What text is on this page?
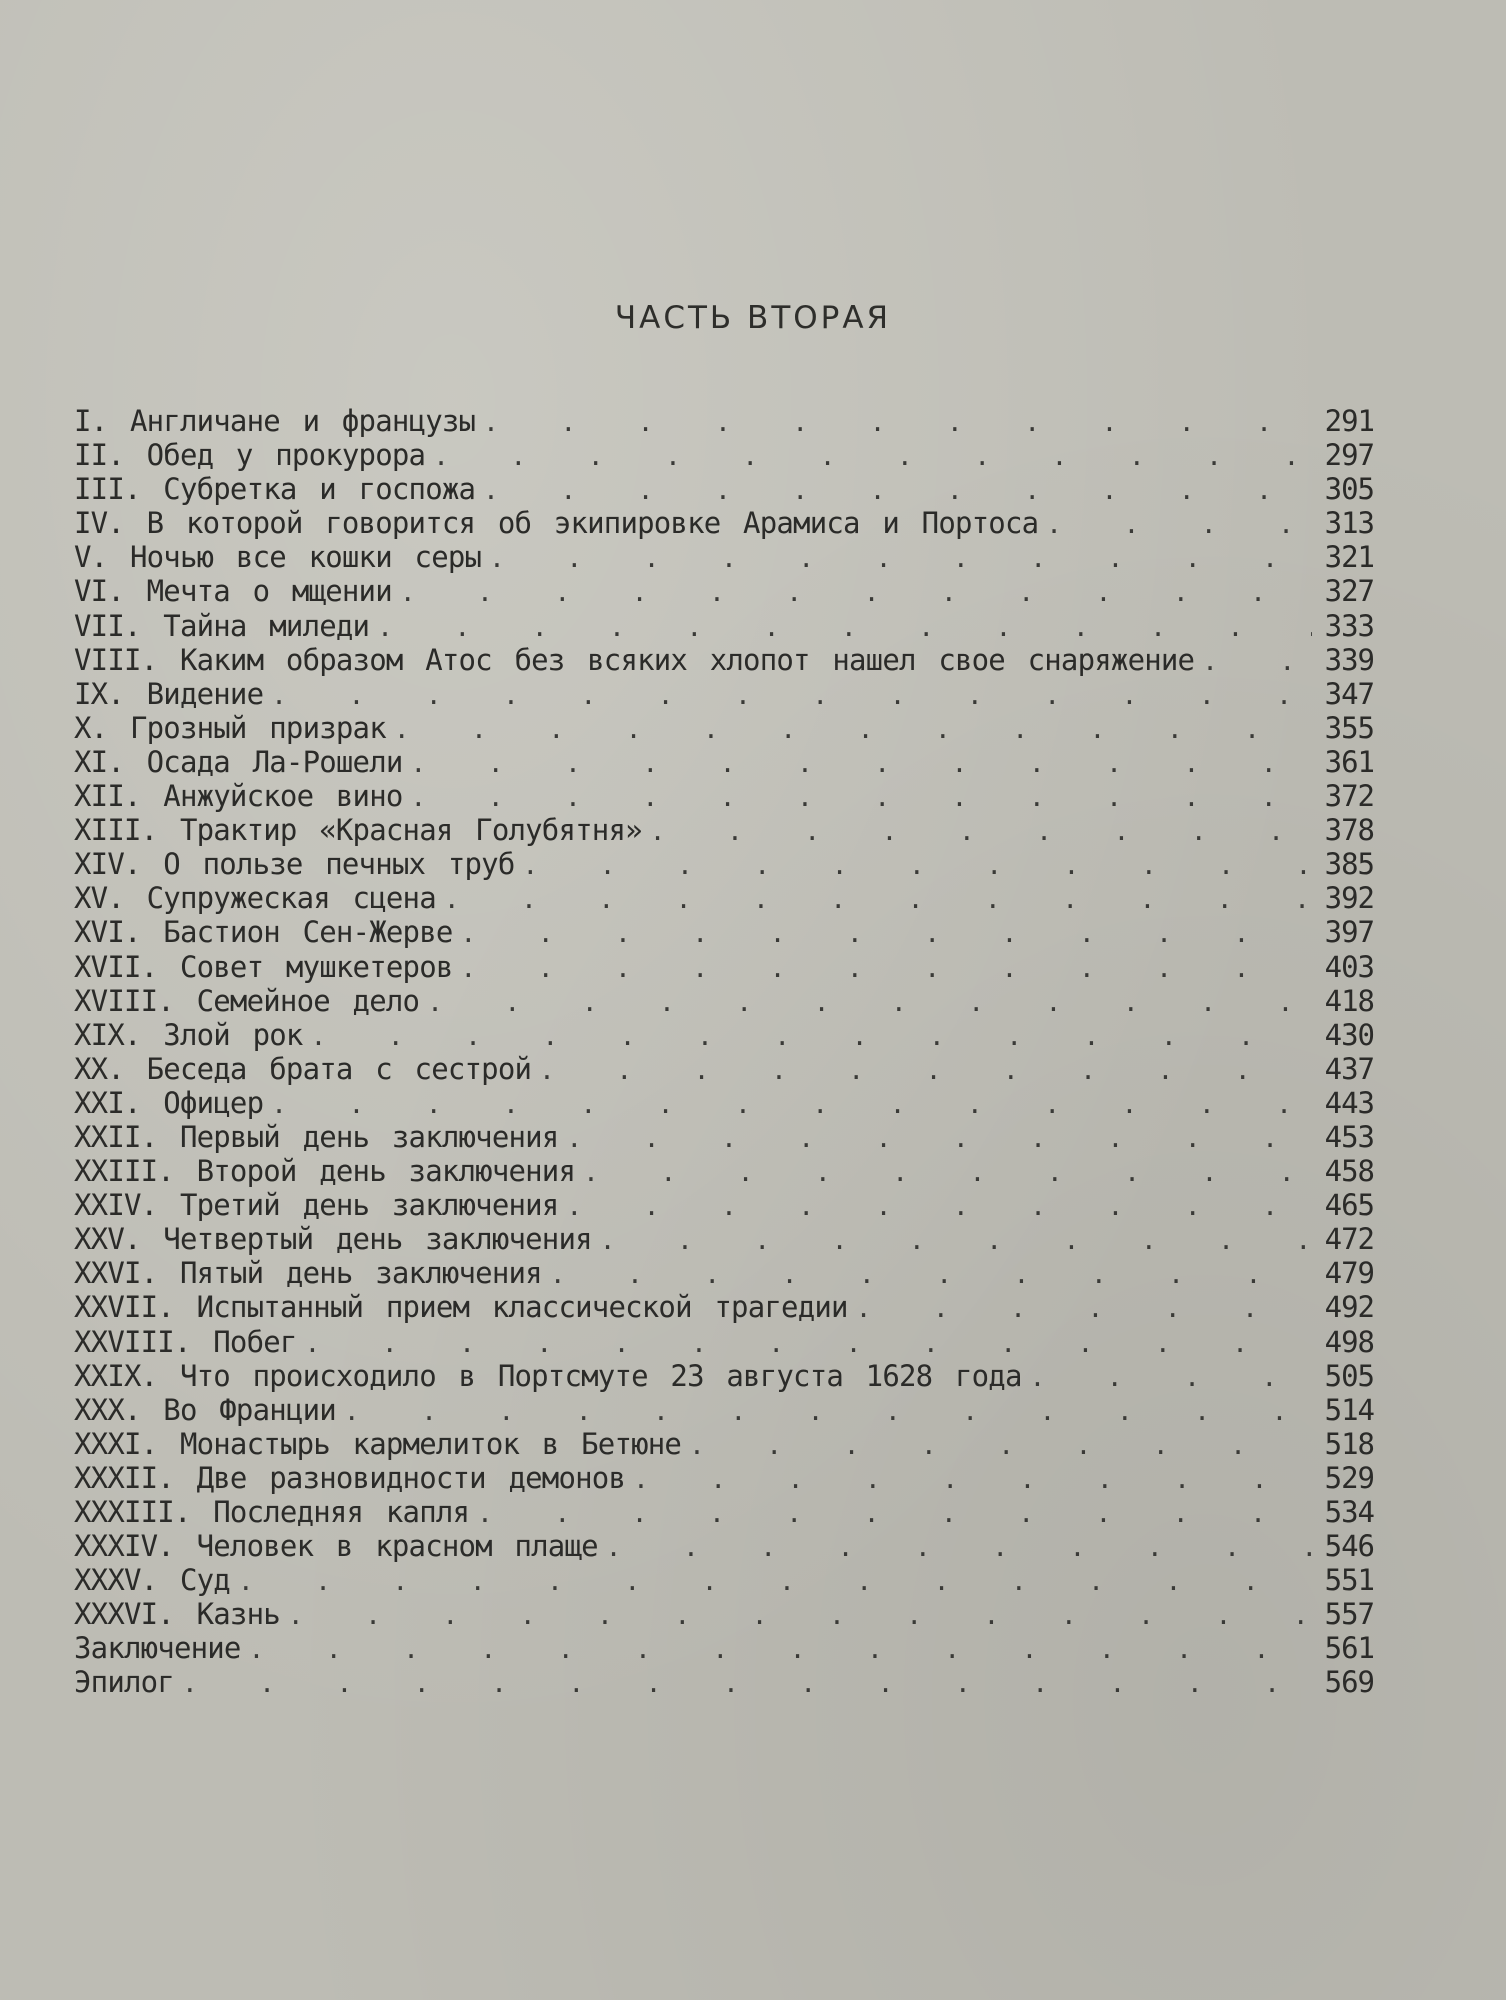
ЧАСТЬ ВТОРАЯ
I. Англичане и французы . . .	291
II. Обед у прокурора . . .	297
III. Субретка и госпожа . . .	305
IV. В которой говорится об экипировке Арамиса и Портоса . . .	313
V. Ночью все кошки серы . . .	321
VI. Мечта о мщении . . .	327
VII. Тайна миледи . . .	333
VIII. Каким образом Атос без всяких хлопот нашел свое снаряжение . . .	339
IX. Видение . . .	347
X. Грозный призрак . . .	355
XI. Осада Ла-Рошели . . .	361
XII. Анжуйское вино . . .	372
XIII. Трактир «Красная Голубятня» . . .	378
XIV. О пользе печных труб . . .	385
XV. Супружеская сцена . . .	392
XVI. Бастион Сен-Жерве . . .	397
XVII. Совет мушкетеров . . .	403
XVIII. Семейное дело . . .	418
XIX. Злой рок . . .	430
XX. Беседа брата с сестрой . . .	437
XXI. Офицер . . .	443
XXII. Первый день заключения . . .	453
XXIII. Второй день заключения . . .	458
XXIV. Третий день заключения . . .	465
XXV. Четвертый день заключения . . .	472
XXVI. Пятый день заключения . . .	479
XXVII. Испытанный прием классической трагедии . . .	492
XXVIII. Побег . . .	498
XXIX. Что происходило в Портсмуте 23 августа 1628 года . . .	505
XXX. Во Франции . . .	514
XXXI. Монастырь кармелиток в Бетюне . . .	518
XXXII. Две разновидности демонов . . .	529
XXXIII. Последняя капля . . .	534
XXXIV. Человек в красном плаще . . .	546
XXXV. Суд . . .	551
XXXVI. Казнь . . .	557
Заключение . . .	561
Эпилог . . .	569
